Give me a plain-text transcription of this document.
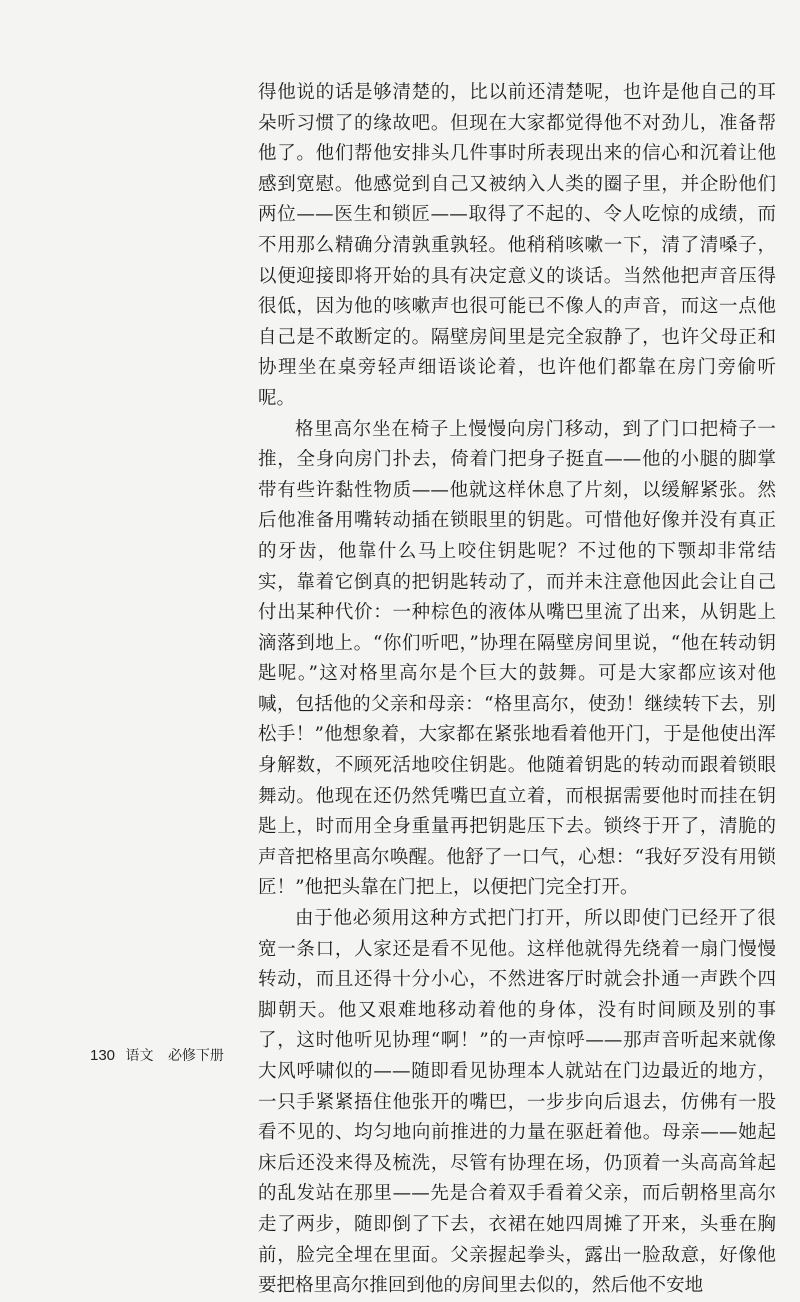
得他说的话是够清楚的，比以前还清楚呢，也许是他自己的耳朵听习惯了的缘故吧。但现在大家都觉得他不对劲儿，准备帮他了。他们帮他安排头几件事时所表现出来的信心和沉着让他感到宽慰。他感觉到自己又被纳入人类的圈子里，并企盼他们两位——医生和锁匠——取得了不起的、令人吃惊的成绩，而不用那么精确分清孰重孰轻。他稍稍咳嗽一下，清了清嗓子，以便迎接即将开始的具有决定意义的谈话。当然他把声音压得很低，因为他的咳嗽声也很可能已不像人的声音，而这一点他自己是不敢断定的。隔壁房间里是完全寂静了，也许父母正和协理坐在桌旁轻声细语谈论着，也许他们都靠在房门旁偷听呢。

格里高尔坐在椅子上慢慢向房门移动，到了门口把椅子一推，全身向房门扑去，倚着门把身子挺直——他的小腿的脚掌带有些许黏性物质——他就这样休息了片刻，以缓解紧张。然后他准备用嘴转动插在锁眼里的钥匙。可惜他好像并没有真正的牙齿，他靠什么马上咬住钥匙呢？不过他的下颚却非常结实，靠着它倒真的把钥匙转动了，而并未注意他因此会让自己付出某种代价：一种棕色的液体从嘴巴里流了出来，从钥匙上滴落到地上。“你们听吧，”协理在隔壁房间里说，“他在转动钥匙呢。”这对格里高尔是个巨大的鼓舞。可是大家都应该对他喊，包括他的父亲和母亲：“格里高尔，使劲！继续转下去，别松手！”他想象着，大家都在紧张地看着他开门，于是他使出浑身解数，不顾死活地咬住钥匙。他随着钥匙的转动而跟着锁眼舞动。他现在还仍然凭嘴巴直立着，而根据需要他时而挂在钥匙上，时而用全身重量再把钥匙压下去。锁终于开了，清脆的声音把格里高尔唤醒。他舒了一口气，心想：“我好歹没有用锁匠！”他把头靠在门把上，以便把门完全打开。

由于他必须用这种方式把门打开，所以即使门已经开了很宽一条口，人家还是看不见他。这样他就得先绕着一扇门慢慢转动，而且还得十分小心，不然进客厅时就会扑通一声跌个四脚朝天。他又艰难地移动着他的身体，没有时间顾及别的事了，这时他听见协理“啊！”的一声惊呼——那声音听起来就像大风呼啸似的——随即看见协理本人就站在门边最近的地方，一只手紧紧捂住他张开的嘴巴，一步步向后退去，仿佛有一股看不见的、均匀地向前推进的力量在驱赶着他。母亲——她起床后还没来得及梳洗，尽管有协理在场，仍顶着一头高高耸起的乱发站在那里——先是合着双手看着父亲，而后朝格里高尔走了两步，随即倒了下去，衣裙在她四周摊了开来，头垂在胸前，脸完全埋在里面。父亲握起拳头，露出一脸敌意，好像他要把格里高尔推回到他的房间里去似的，然后他不安地

130 语文 必修下册
